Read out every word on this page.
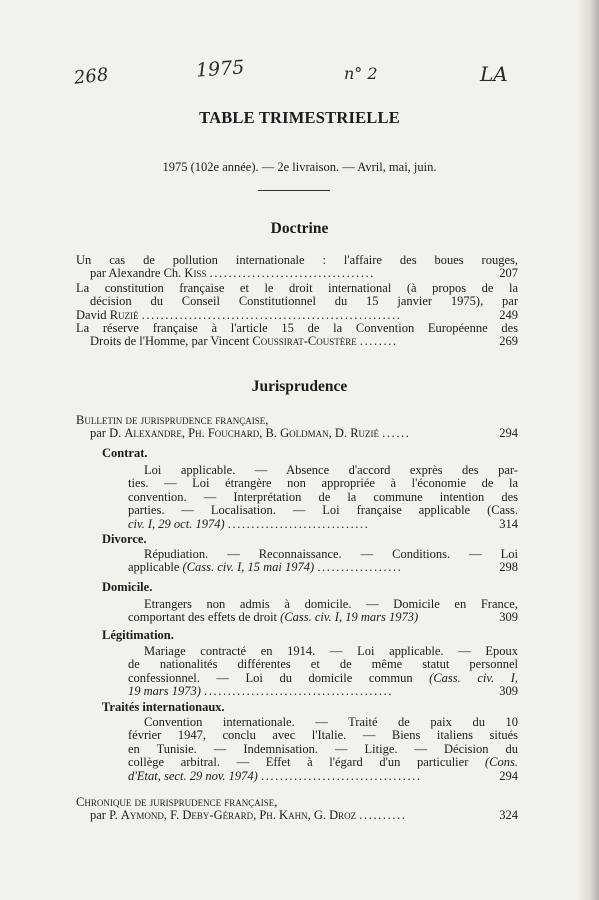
268	1975	n° 2	LA
TABLE TRIMESTRIELLE
1975 (102e année). — 2e livraison. — Avril, mai, juin.
Doctrine
Un cas de pollution internationale : l'affaire des boues rouges,
par Alexandre Ch. Kiss ...................................	207
La constitution française et le droit international (à propos de la
décision du Conseil Constitutionnel du 15 janvier 1975), par
David Ruzié .......................................................	249
La réserve française à l'article 15 de la Convention Européenne des
Droits de l'Homme, par Vincent Coussirat-Coustère ........	269
Jurisprudence
Bulletin de jurisprudence française,
par D. Alexandre, Ph. Fouchard, B. Goldman, D. Ruzié ......	294
Contrat.
Loi applicable. — Absence d'accord exprès des par-
ties. — Loi étrangère non appropriée à l'économie de la
convention. — Interprétation de la commune intention des
parties. — Localisation. — Loi française applicable (Cass.
civ. I, 29 oct. 1974) ..............................	314
Divorce.
Répudiation. — Reconnaissance. — Conditions. — Loi
applicable (Cass. civ. I, 15 mai 1974) ..................	298
Domicile.
Etrangers non admis à domicile. — Domicile en France,
comportant des effets de droit (Cass. civ. I, 19 mars 1973)	309
Légitimation.
Mariage contracté en 1914. — Loi applicable. — Epoux
de nationalités différentes et de même statut personnel
confessionnel. — Loi du domicile commun (Cass. civ. I,
19 mars 1973) ........................................	309
Traités internationaux.
Convention internationale. — Traité de paix du 10
février 1947, conclu avec l'Italie. — Biens italiens situés
en Tunisie. — Indemnisation. — Litige. — Décision du
collège arbitral. — Effet à l'égard d'un particulier (Cons.
d'Etat, sect. 29 nov. 1974) ..................................	294
Chronique de jurisprudence française,
par P. Aymond, F. Deby-Gérard, Ph. Kahn, G. Droz ..........	324
